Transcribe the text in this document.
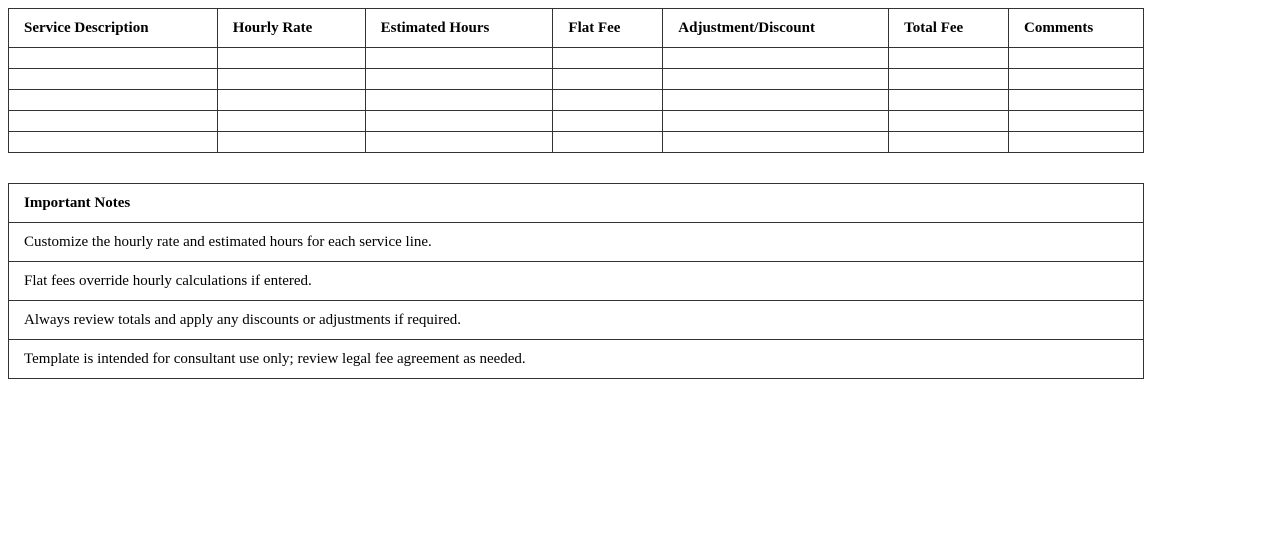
Service Description	Hourly Rate	Estimated Hours	Flat Fee	Adjustment/Discount	Total Fee	Comments

Important Notes
Customize the hourly rate and estimated hours for each service line.
Flat fees override hourly calculations if entered.
Always review totals and apply any discounts or adjustments if required.
Template is intended for consultant use only; review legal fee agreement as needed.
